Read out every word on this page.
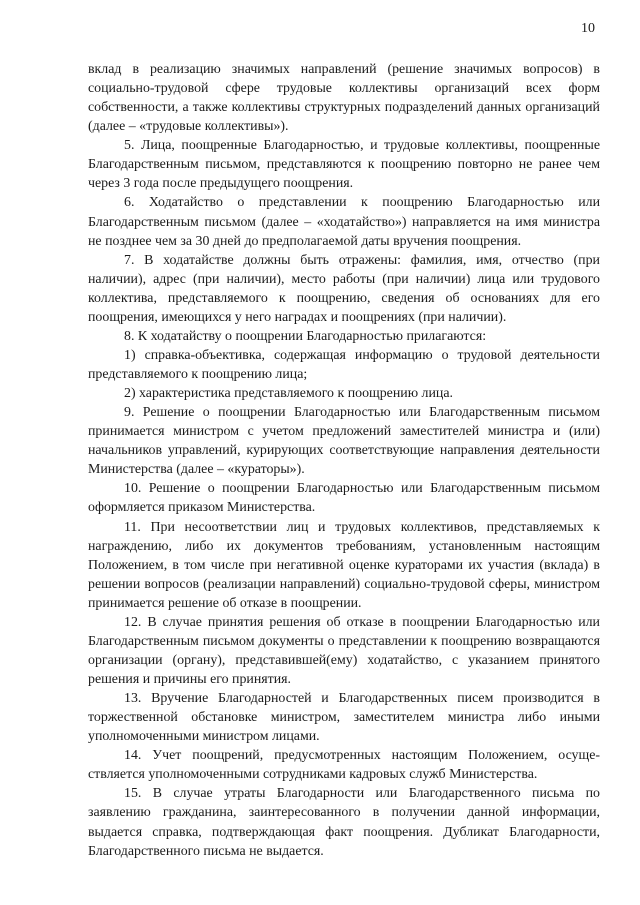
10

вклад в реализацию значимых направлений (решение значимых вопросов) в социально-трудовой сфере трудовые коллективы организаций всех форм собственности, а также коллективы структурных подразделений данных организаций (далее – «трудовые коллективы»).

5. Лица, поощренные Благодарностью, и трудовые коллективы, поощренные Благодарственным письмом, представляются к поощрению повторно не ранее чем через 3 года после предыдущего поощрения.

6. Ходатайство о представлении к поощрению Благодарностью или Благодарственным письмом (далее – «ходатайство») направляется на имя министра не позднее чем за 30 дней до предполагаемой даты вручения поощрения.

7. В ходатайстве должны быть отражены: фамилия, имя, отчество (при наличии), адрес (при наличии), место работы (при наличии) лица или трудового коллектива, представляемого к поощрению, сведения об основаниях для его поощрения, имеющихся у него наградах и поощрениях (при наличии).

8. К ходатайству о поощрении Благодарностью прилагаются:

1) справка-объективка, содержащая информацию о трудовой деятельности представляемого к поощрению лица;

2) характеристика представляемого к поощрению лица.

9. Решение о поощрении Благодарностью или Благодарственным письмом принимается министром с учетом предложений заместителей министра и (или) начальников управлений, курирующих соответствующие направления деятельности Министерства (далее – «кураторы»).

10. Решение о поощрении Благодарностью или Благодарственным письмом оформляется приказом Министерства.

11. При несоответствии лиц и трудовых коллективов, представляемых к награждению, либо их документов требованиям, установленным настоящим Положением, в том числе при негативной оценке кураторами их участия (вклада) в решении вопросов (реализации направлений) социально-трудовой сферы, министром принимается решение об отказе в поощрении.

12. В случае принятия решения об отказе в поощрении Благодарностью или Благодарственным письмом документы о представлении к поощрению возвращаются организации (органу), представившей(ему) ходатайство, с указанием принятого решения и причины его принятия.

13. Вручение Благодарностей и Благодарственных писем производится в торжественной обстановке министром, заместителем министра либо иными уполномоченными министром лицами.

14. Учет поощрений, предусмотренных настоящим Положением, осуществляется уполномоченными сотрудниками кадровых служб Министерства.

15. В случае утраты Благодарности или Благодарственного письма по заявлению гражданина, заинтересованного в получении данной информации, выдается справка, подтверждающая факт поощрения. Дубликат Благодарности, Благодарственного письма не выдается.
